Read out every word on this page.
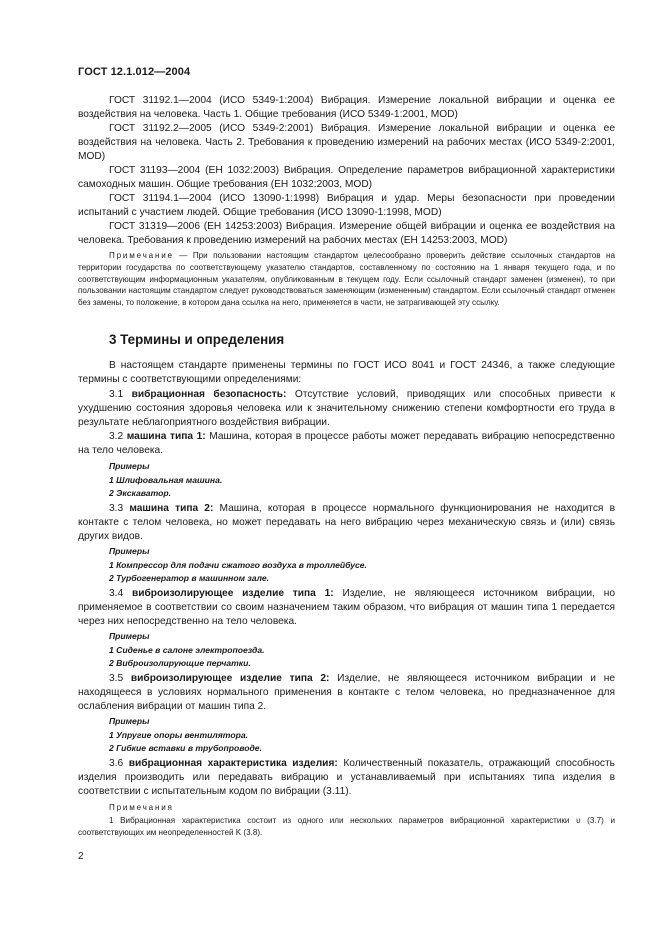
ГОСТ 12.1.012—2004
ГОСТ 31192.1—2004 (ИСО 5349-1:2004) Вибрация. Измерение локальной вибрации и оценка ее воздействия на человека. Часть 1. Общие требования (ИСО 5349-1:2001, MOD)
ГОСТ 31192.2—2005 (ИСО 5349-2:2001) Вибрация. Измерение локальной вибрации и оценка ее воздействия на человека. Часть 2. Требования к проведению измерений на рабочих местах (ИСО 5349-2:2001, MOD)
ГОСТ 31193—2004 (ЕН 1032:2003) Вибрация. Определение параметров вибрационной характеристики самоходных машин. Общие требования (ЕН 1032:2003, MOD)
ГОСТ 31194.1—2004 (ИСО 13090-1:1998) Вибрация и удар. Меры безопасности при проведении испытаний с участием людей. Общие требования (ИСО 13090-1:1998, MOD)
ГОСТ 31319—2006 (ЕН 14253:2003) Вибрация. Измерение общей вибрации и оценка ее воздействия на человека. Требования к проведению измерений на рабочих местах (ЕН 14253:2003, MOD)
Примечание — При пользовании настоящим стандартом целесообразно проверить действие ссылочных стандартов на территории государства по соответствующему указателю стандартов, составленному по состоянию на 1 января текущего года, и по соответствующим информационным указателям, опубликованным в текущем году. Если ссылочный стандарт заменен (изменен), то при пользовании настоящим стандартом следует руководствоваться заменяющим (измененным) стандартом. Если ссылочный стандарт отменен без замены, то положение, в котором дана ссылка на него, применяется в части, не затрагивающей эту ссылку.
3 Термины и определения
В настоящем стандарте применены термины по ГОСТ ИСО 8041 и ГОСТ 24346, а также следующие термины с соответствующими определениями:
3.1 вибрационная безопасность: Отсутствие условий, приводящих или способных привести к ухудшению состояния здоровья человека или к значительному снижению степени комфортности его труда в результате неблагоприятного воздействия вибрации.
3.2 машина типа 1: Машина, которая в процессе работы может передавать вибрацию непосредственно на тело человека.
Примеры
1 Шлифовальная машина.
2 Экскаватор.
3.3 машина типа 2: Машина, которая в процессе нормального функционирования не находится в контакте с телом человека, но может передавать на него вибрацию через механическую связь и (или) связь других видов.
Примеры
1 Компрессор для подачи сжатого воздуха в троллейбусе.
2 Турбогенератор в машинном зале.
3.4 виброизолирующее изделие типа 1: Изделие, не являющееся источником вибрации, но применяемое в соответствии со своим назначением таким образом, что вибрация от машин типа 1 передается через них непосредственно на тело человека.
Примеры
1 Сиденье в салоне электропоезда.
2 Виброизолирующие перчатки.
3.5 виброизолирующее изделие типа 2: Изделие, не являющееся источником вибрации и не находящееся в условиях нормального применения в контакте с телом человека, но предназначенное для ослабления вибрации от машин типа 2.
Примеры
1 Упругие опоры вентилятора.
2 Гибкие вставки в трубопроводе.
3.6 вибрационная характеристика изделия: Количественный показатель, отражающий способность изделия производить или передавать вибрацию и устанавливаемый при испытаниях типа изделия в соответствии с испытательным кодом по вибрации (3.11).
Примечания
1 Вибрационная характеристика состоит из одного или нескольких параметров вибрационной характеристики υ (3.7) и соответствующих им неопределенностей K (3.8).
2
